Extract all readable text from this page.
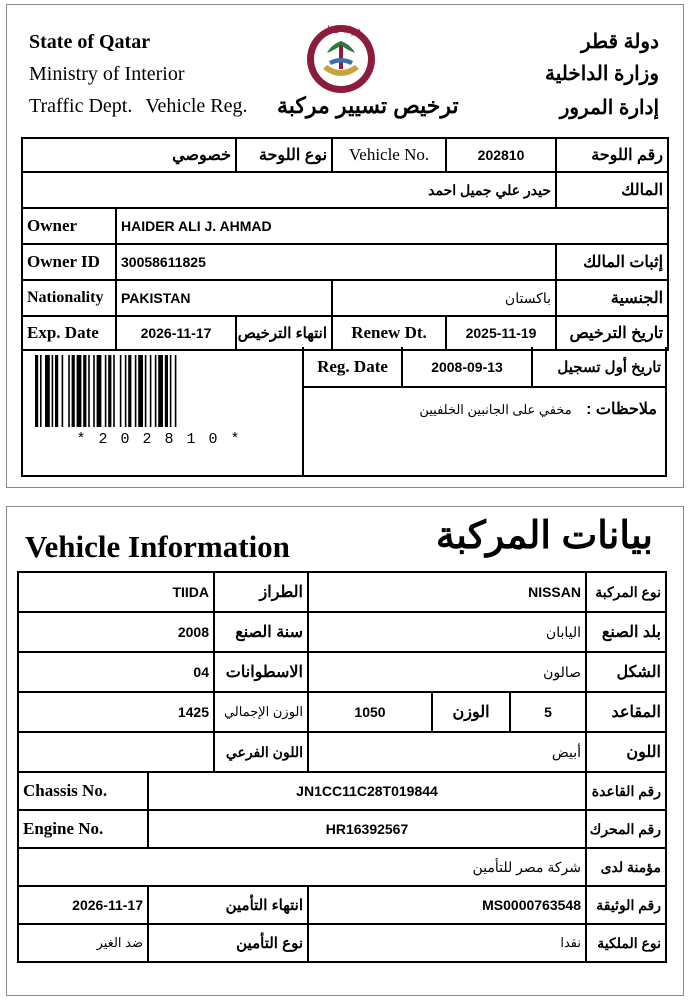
State of Qatar
Ministry of Interior
Traffic Dept. Vehicle Reg. ترخيص تسيير مركبة
دولة قطر
وزارة الداخلية
إدارة المرور
دولة قطر
خصوصي		نوع اللوحة	Vehicle No.	202810	رقم اللوحة
حيدر علي جميل احمد					المالك
Owner	HAIDER ALI J. AHMAD				
Owner ID	30058611825				إثبات المالك
Nationality	PAKISTAN		باكستان		الجنسية
Exp. Date	2026-11-17	انتهاء الترخيص	Renew Dt.	2025-11-19	تاريخ الترخيص
* 2 0 2 8 1 0 *
Reg. Date	2008-09-13	تاريخ أول تسجيل
ملاحظات : مخفي على الجانبين الخلفيين
Vehicle Information	بيانات المركبة
TIIDA		الطراز	NISSAN			نوع المركبة
2008		سنة الصنع	اليابان			بلد الصنع
04		الاسطوانات	صالون			الشكل
1425		الوزن الإجمالي	1050	الوزن	5	المقاعد
		اللون الفرعي	أبيض			اللون
Chassis No.	JN1CC11C28T019844					رقم القاعدة
Engine No.	HR16392567					رقم المحرك
شركة مصر للتأمين						مؤمنة لدى
2026-11-17	انتهاء التأمين		MS0000763548			رقم الوثيقة
ضد الغير	نوع التأمين		نقدا			نوع الملكية
